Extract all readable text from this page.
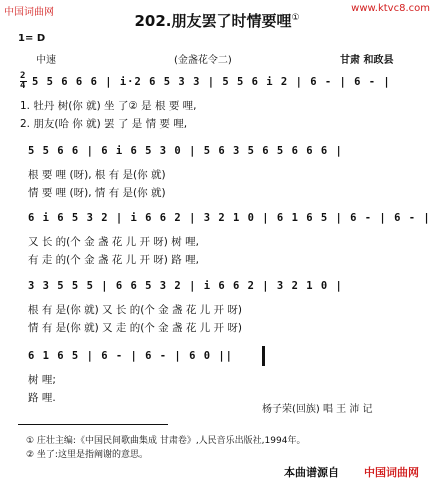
中国词曲网	www.ktvc8.com
202.朋友罢了时情要哩①
1= D
中速	(金盏花令二)	甘肃 和政县
2
4 5 5 6 6 6 | i·2 6 5 3 3 | 5 5 6 i 2 | 6 - | 6 - |
1. 牡丹 树(你 就) 坐 了② 是 根 要 哩,
2. 朋友(哈 你 就) 罢 了 是 情 要 哩,
5 5 6 6 | 6 i 6 5 3 0 | 5 6 3 5 6 5 6 6 6 |
根 要 哩 (呀), 根 有 是(你 就)
情 要 哩 (呀), 情 有 是(你 就)
6 i 6 5 3 2 | i 6 6 2 | 3 2 1 0 | 6 1 6 5 | 6 - | 6 - |
又 长 的(个 金 盏 花 儿 开 呀) 树 哩,
有 走 的(个 金 盏 花 儿 开 呀) 路 哩,
3 3 5 5 5 | 6 6 5 3 2 | i 6 6 2 | 3 2 1 0 |
根 有 是(你 就) 又 长 的(个 金 盏 花 儿 开 呀)
情 有 是(你 就) 又 走 的(个 金 盏 花 儿 开 呀)
6 1 6 5 | 6 - | 6 - | 6 0 ||
树 哩;
路 哩.
杨子荣(回族) 唱 王 沛 记
① 庄壮主编:《中国民间歌曲集成 甘肃卷》,人民音乐出版社,1994年。
② 坐了:这里是指阐谢的意思。
本曲谱源自 中国词曲网
